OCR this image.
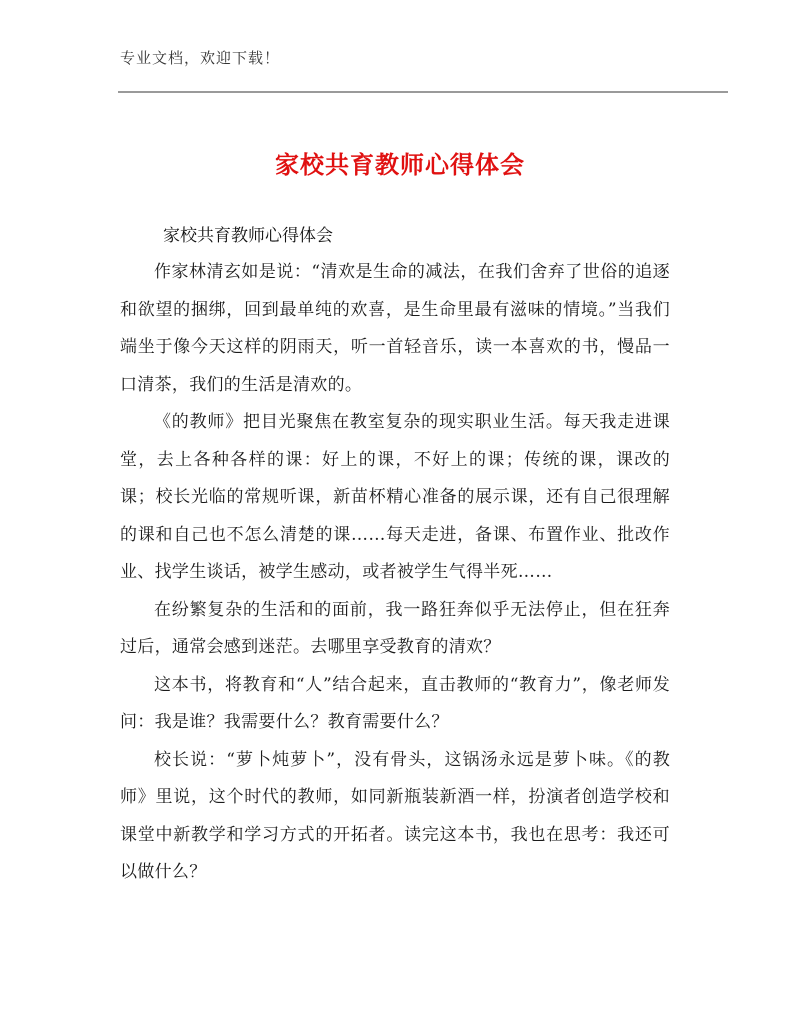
专业文档，欢迎下载！
家校共育教师心得体会
家校共育教师心得体会

作家林清玄如是说：“清欢是生命的减法，在我们舍弃了世俗的追逐和欲望的捆绑，回到最单纯的欢喜，是生命里最有滋味的情境。”当我们端坐于像今天这样的阴雨天，听一首轻音乐，读一本喜欢的书，慢品一口清茶，我们的生活是清欢的。

《的教师》把目光聚焦在教室复杂的现实职业生活。每天我走进课堂，去上各种各样的课：好上的课，不好上的课；传统的课，课改的课；校长光临的常规听课，新苗杯精心准备的展示课，还有自己很理解的课和自己也不怎么清楚的课……每天走进，备课、布置作业、批改作业、找学生谈话，被学生感动，或者被学生气得半死……

在纷繁复杂的生活和的面前，我一路狂奔似乎无法停止，但在狂奔过后，通常会感到迷茫。去哪里享受教育的清欢？

这本书，将教育和“人”结合起来，直击教师的“教育力”，像老师发问：我是谁？我需要什么？教育需要什么？

校长说：“萝卜炖萝卜”，没有骨头，这锅汤永远是萝卜味。《的教师》里说，这个时代的教师，如同新瓶装新酒一样，扮演者创造学校和课堂中新教学和学习方式的开拓者。读完这本书，我也在思考：我还可以做什么？
